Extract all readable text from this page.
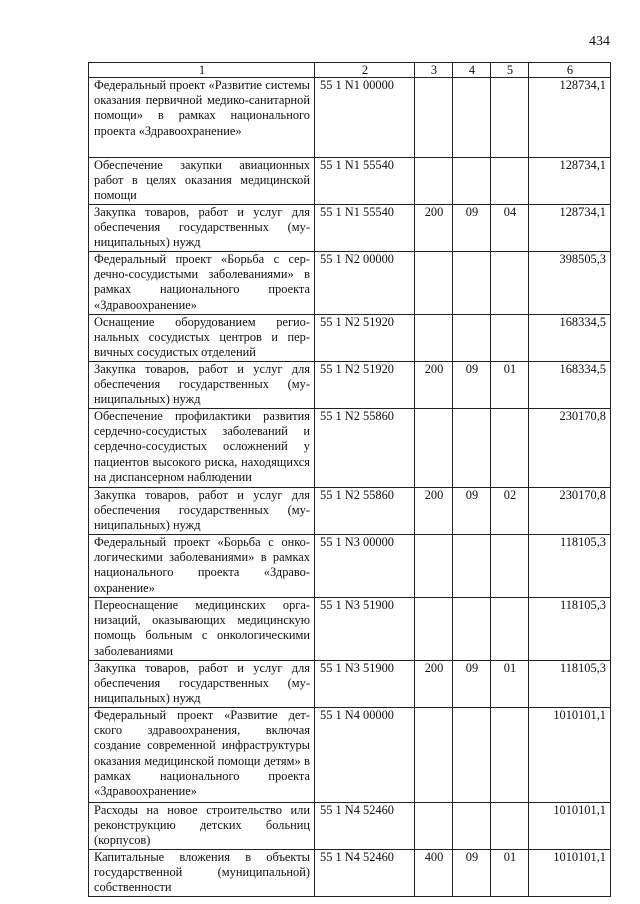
434
1	2	3	4	5	6
Федеральный проект «Развитие системы оказания первичной медико-санитарной помощи» в рамках национального проекта «Здравоохранение»	55 1 N1 00000				128734,1
Обеспечение закупки авиационных работ в целях оказания медицинской помощи	55 1 N1 55540				128734,1
Закупка товаров, работ и услуг для обеспечения государственных (муниципальных) нужд	55 1 N1 55540	200	09	04	128734,1
Федеральный проект «Борьба с сердечно-сосудистыми заболеваниями» в рамках национального проекта «Здравоохранение»	55 1 N2 00000				398505,3
Оснащение оборудованием региональных сосудистых центров и первичных сосудистых отделений	55 1 N2 51920				168334,5
Закупка товаров, работ и услуг для обеспечения государственных (муниципальных) нужд	55 1 N2 51920	200	09	01	168334,5
Обеспечение профилактики развития сердечно-сосудистых заболеваний и сердечно-сосудистых осложнений у пациентов высокого риска, находящихся на диспансерном наблюдении	55 1 N2 55860				230170,8
Закупка товаров, работ и услуг для обеспечения государственных (муниципальных) нужд	55 1 N2 55860	200	09	02	230170,8
Федеральный проект «Борьба с онкологическими заболеваниями» в рамках национального проекта «Здравоохранение»	55 1 N3 00000				118105,3
Переоснащение медицинских организаций, оказывающих медицинскую помощь больным с онкологическими заболеваниями	55 1 N3 51900				118105,3
Закупка товаров, работ и услуг для обеспечения государственных (муниципальных) нужд	55 1 N3 51900	200	09	01	118105,3
Федеральный проект «Развитие детского здравоохранения, включая создание современной инфраструктуры оказания медицинской помощи детям» в рамках национального проекта «Здравоохранение»	55 1 N4 00000				1010101,1
Расходы на новое строительство или реконструкцию детских больниц (корпусов)	55 1 N4 52460				1010101,1
Капитальные вложения в объекты государственной (муниципальной) собственности	55 1 N4 52460	400	09	01	1010101,1
